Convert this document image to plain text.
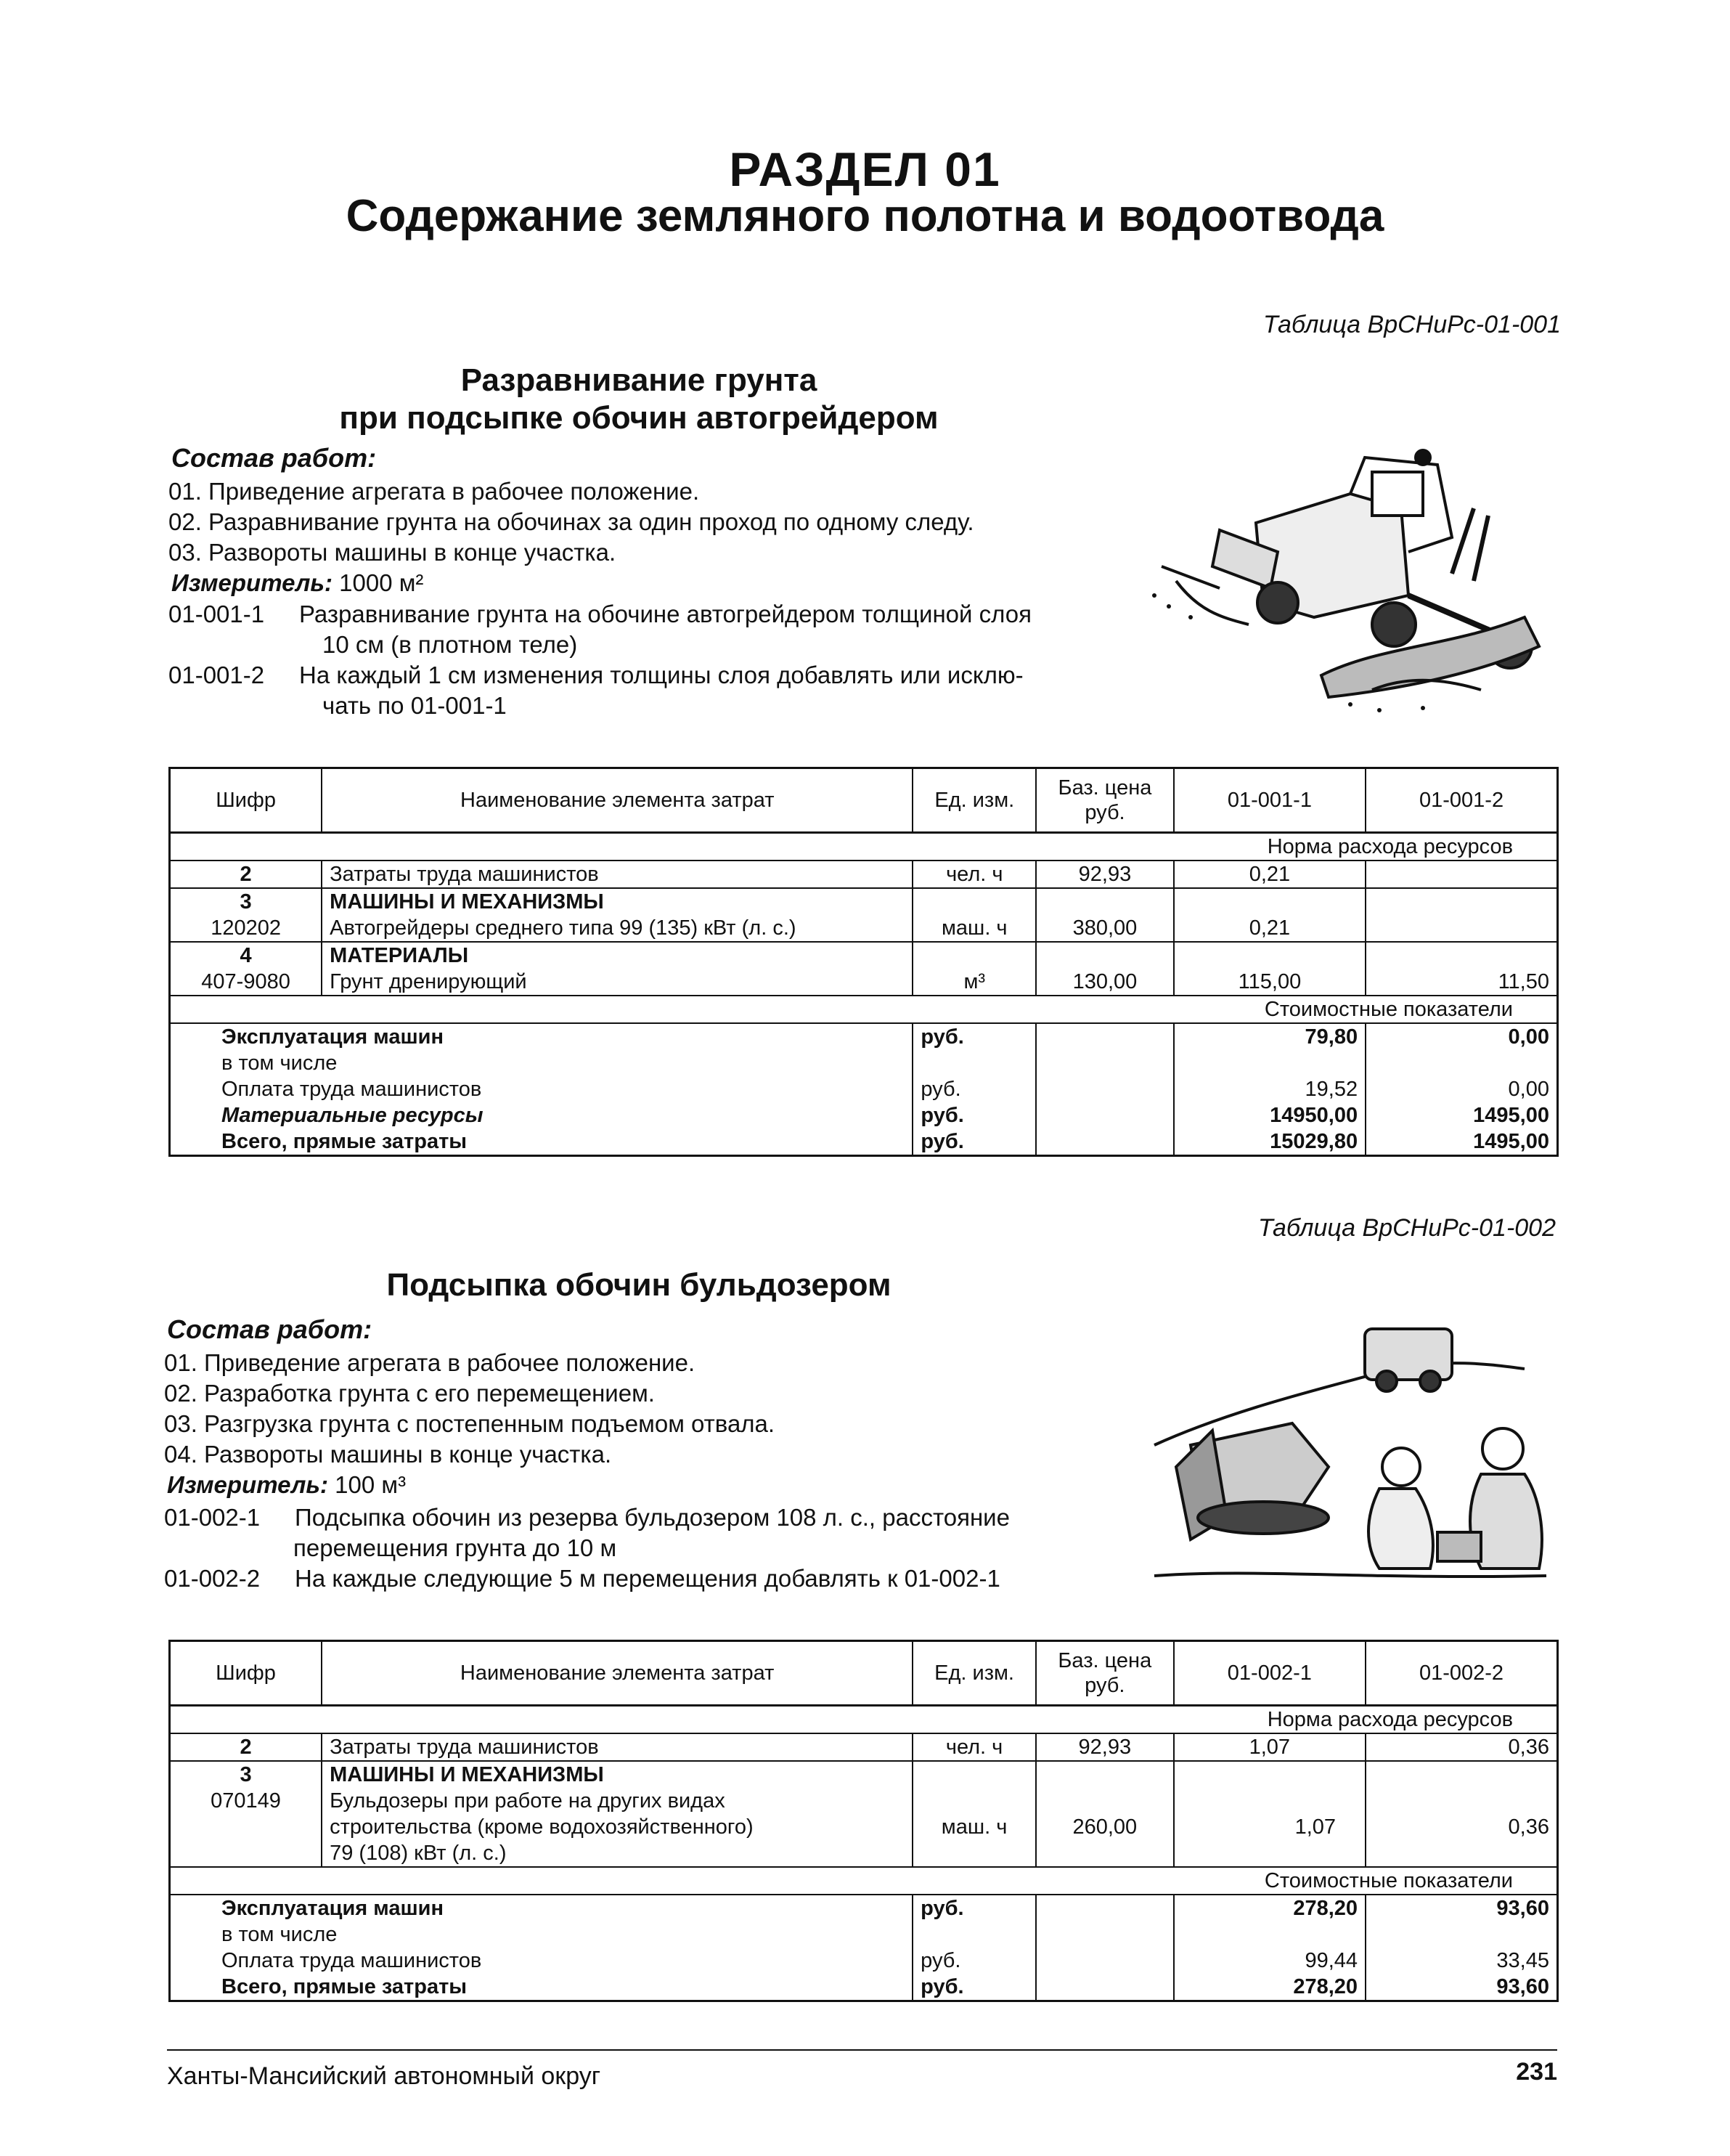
РАЗДЕЛ 01
Содержание земляного полотна и водоотвода
Таблица ВрСНиРс-01-001
Разравнивание грунта
при подсыпке обочин автогрейдером
Состав работ:
01. Приведение агрегата в рабочее положение.
02. Разравнивание грунта на обочинах за один проход по одному следу.
03. Развороты машины в конце участка.
Измеритель: 1000 м²
01-001-1 Разравнивание грунта на обочине автогрейдером толщиной слоя
10 см (в плотном теле)
01-001-2 На каждый 1 см изменения толщины слоя добавлять или исклю-
чать по 01-001-1
Шифр	Наименование элемента затрат	Ед. изм.	Баз. цена руб.	01-001-1	01-001-2
Норма расхода ресурсов					
2	Затраты труда машинистов	чел. ч	92,93	0,21	
3	МАШИНЫ И МЕХАНИЗМЫ				
120202	Автогрейдеры среднего типа 99 (135) кВт (л. с.)	маш. ч	380,00	0,21	
4	МАТЕРИАЛЫ				
407-9080	Грунт дренирующий	м³	130,00	115,00	11,50
Стоимостные показатели					
Эксплуатация машин		руб.		79,80	0,00
в том числе					
Оплата труда машинистов		руб.		19,52	0,00
Материальные ресурсы		руб.		14950,00	1495,00
Всего, прямые затраты		руб.		15029,80	1495,00
Таблица ВрСНиРс-01-002
Подсыпка обочин бульдозером
Состав работ:
01. Приведение агрегата в рабочее положение.
02. Разработка грунта с его перемещением.
03. Разгрузка грунта с постепенным подъемом отвала.
04. Развороты машины в конце участка.
Измеритель: 100 м³
01-002-1 Подсыпка обочин из резерва бульдозером 108 л. с., расстояние
перемещения грунта до 10 м
01-002-2 На каждые следующие 5 м перемещения добавлять к 01-002-1
Шифр	Наименование элемента затрат	Ед. изм.	Баз. цена руб.	01-002-1	01-002-2
Норма расхода ресурсов					
2	Затраты труда машинистов	чел. ч	92,93	1,07	0,36
3	МАШИНЫ И МЕХАНИЗМЫ				
070149	Бульдозеры при работе на других видах
строительства (кроме водохозяйственного)
79 (108) кВт (л. с.)	маш. ч	260,00	1,07	0,36
Стоимостные показатели					
Эксплуатация машин		руб.		278,20	93,60
в том числе					
Оплата труда машинистов		руб.		99,44	33,45
Всего, прямые затраты		руб.		278,20	93,60
Ханты-Мансийский автономный округ	231
